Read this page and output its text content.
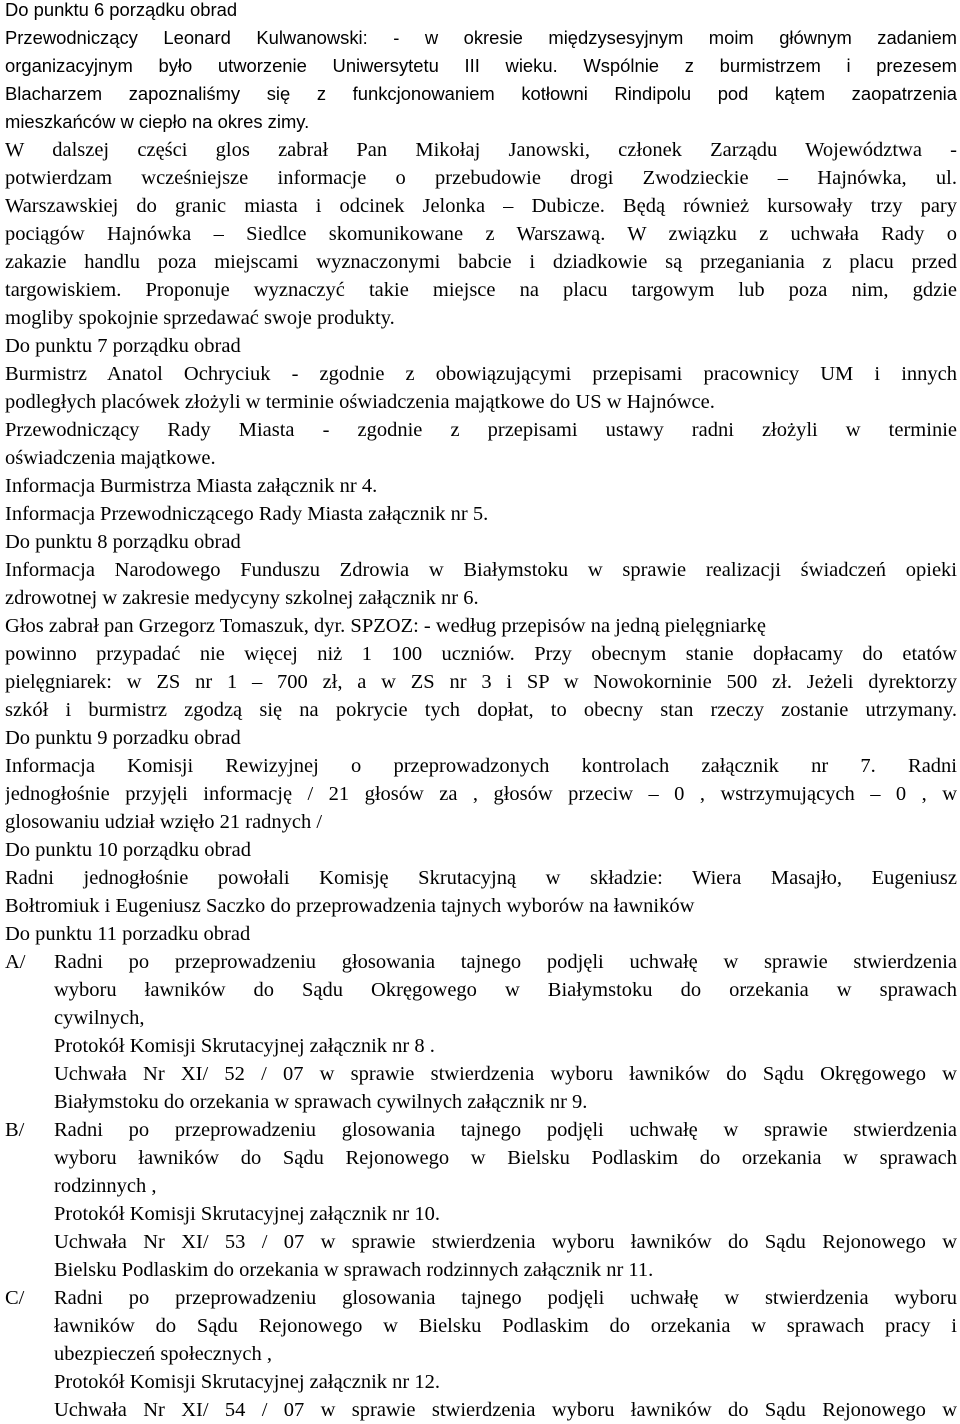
Do punktu 6 porządku obrad
Przewodniczący Leonard Kulwanowski: - w okresie międzysesyjnym moim głównym zadaniem
organizacyjnym było utworzenie Uniwersytetu III wieku. Wspólnie z burmistrzem i prezesem
Blacharzem zapoznaliśmy się z funkcjonowaniem kotłowni Rindipolu pod kątem zaopatrzenia
mieszkańców w ciepło na okres zimy.
W dalszej części glos zabrał Pan Mikołaj Janowski, członek Zarządu Województwa -
potwierdzam wcześniejsze informacje o przebudowie drogi Zwodzieckie – Hajnówka, ul.
Warszawskiej do granic miasta i odcinek Jelonka – Dubicze. Będą również kursowały trzy pary
pociągów Hajnówka – Siedlce skomunikowane z Warszawą. W związku z uchwała Rady o
zakazie handlu poza miejscami wyznaczonymi babcie i dziadkowie są przeganiania z placu przed
targowiskiem. Proponuje wyznaczyć takie miejsce na placu targowym lub poza nim, gdzie
mogliby spokojnie sprzedawać swoje produkty.
Do punktu 7 porządku obrad
Burmistrz Anatol Ochryciuk - zgodnie z obowiązującymi przepisami pracownicy UM i innych
podległych placówek złożyli w terminie oświadczenia majątkowe do US w Hajnówce.
Przewodniczący Rady Miasta - zgodnie z przepisami ustawy radni złożyli w terminie
oświadczenia majątkowe.
Informacja Burmistrza Miasta załącznik nr 4.
Informacja Przewodniczącego Rady Miasta załącznik nr 5.
Do punktu 8 porządku obrad
Informacja Narodowego Funduszu Zdrowia w Białymstoku w sprawie realizacji świadczeń opieki
zdrowotnej w zakresie medycyny szkolnej załącznik nr 6.
Głos zabrał pan Grzegorz Tomaszuk, dyr. SPZOZ: - według przepisów na jedną pielęgniarkę
powinno przypadać nie więcej niż 1 100 uczniów. Przy obecnym stanie dopłacamy do etatów
pielęgniarek: w ZS nr 1 – 700 zł, a w ZS nr 3 i SP w Nowokorninie 500 zł. Jeżeli dyrektorzy
szkół i burmistrz zgodzą się na pokrycie tych dopłat, to obecny stan rzeczy zostanie utrzymany.
Do punktu 9 porzadku obrad
Informacja Komisji Rewizyjnej o przeprowadzonych kontrolach załącznik nr 7. Radni
jednogłośnie przyjęli informację / 21 głosów za , głosów przeciw – 0 , wstrzymujących – 0 , w
glosowaniu udział wzięło 21 radnych /
Do punktu 10 porządku obrad
Radni jednogłośnie powołali Komisję Skrutacyjną w składzie: Wiera Masajło, Eugeniusz
Bołtromiuk i Eugeniusz Saczko do przeprowadzenia tajnych wyborów na ławników
Do punktu 11 porzadku obrad
A/ Radni po przeprowadzeniu głosowania tajnego podjęli uchwałę w sprawie stwierdzenia
wyboru ławników do Sądu Okręgowego w Białymstoku do orzekania w sprawach
cywilnych,
Protokół Komisji Skrutacyjnej załącznik nr 8 .
Uchwała Nr XI/ 52 / 07 w sprawie stwierdzenia wyboru ławników do Sądu Okręgowego w
Białymstoku do orzekania w sprawach cywilnych załącznik nr 9.
B/ Radni po przeprowadzeniu glosowania tajnego podjęli uchwałę w sprawie stwierdzenia
wyboru ławników do Sądu Rejonowego w Bielsku Podlaskim do orzekania w sprawach
rodzinnych ,
Protokół Komisji Skrutacyjnej załącznik nr 10.
Uchwała Nr XI/ 53 / 07 w sprawie stwierdzenia wyboru ławników do Sądu Rejonowego w
Bielsku Podlaskim do orzekania w sprawach rodzinnych załącznik nr 11.
C/ Radni po przeprowadzeniu glosowania tajnego podjęli uchwałę w stwierdzenia wyboru
ławników do Sądu Rejonowego w Bielsku Podlaskim do orzekania w sprawach pracy i
ubezpieczeń społecznych ,
Protokół Komisji Skrutacyjnej załącznik nr 12.
Uchwała Nr XI/ 54 / 07 w sprawie stwierdzenia wyboru ławników do Sądu Rejonowego w
